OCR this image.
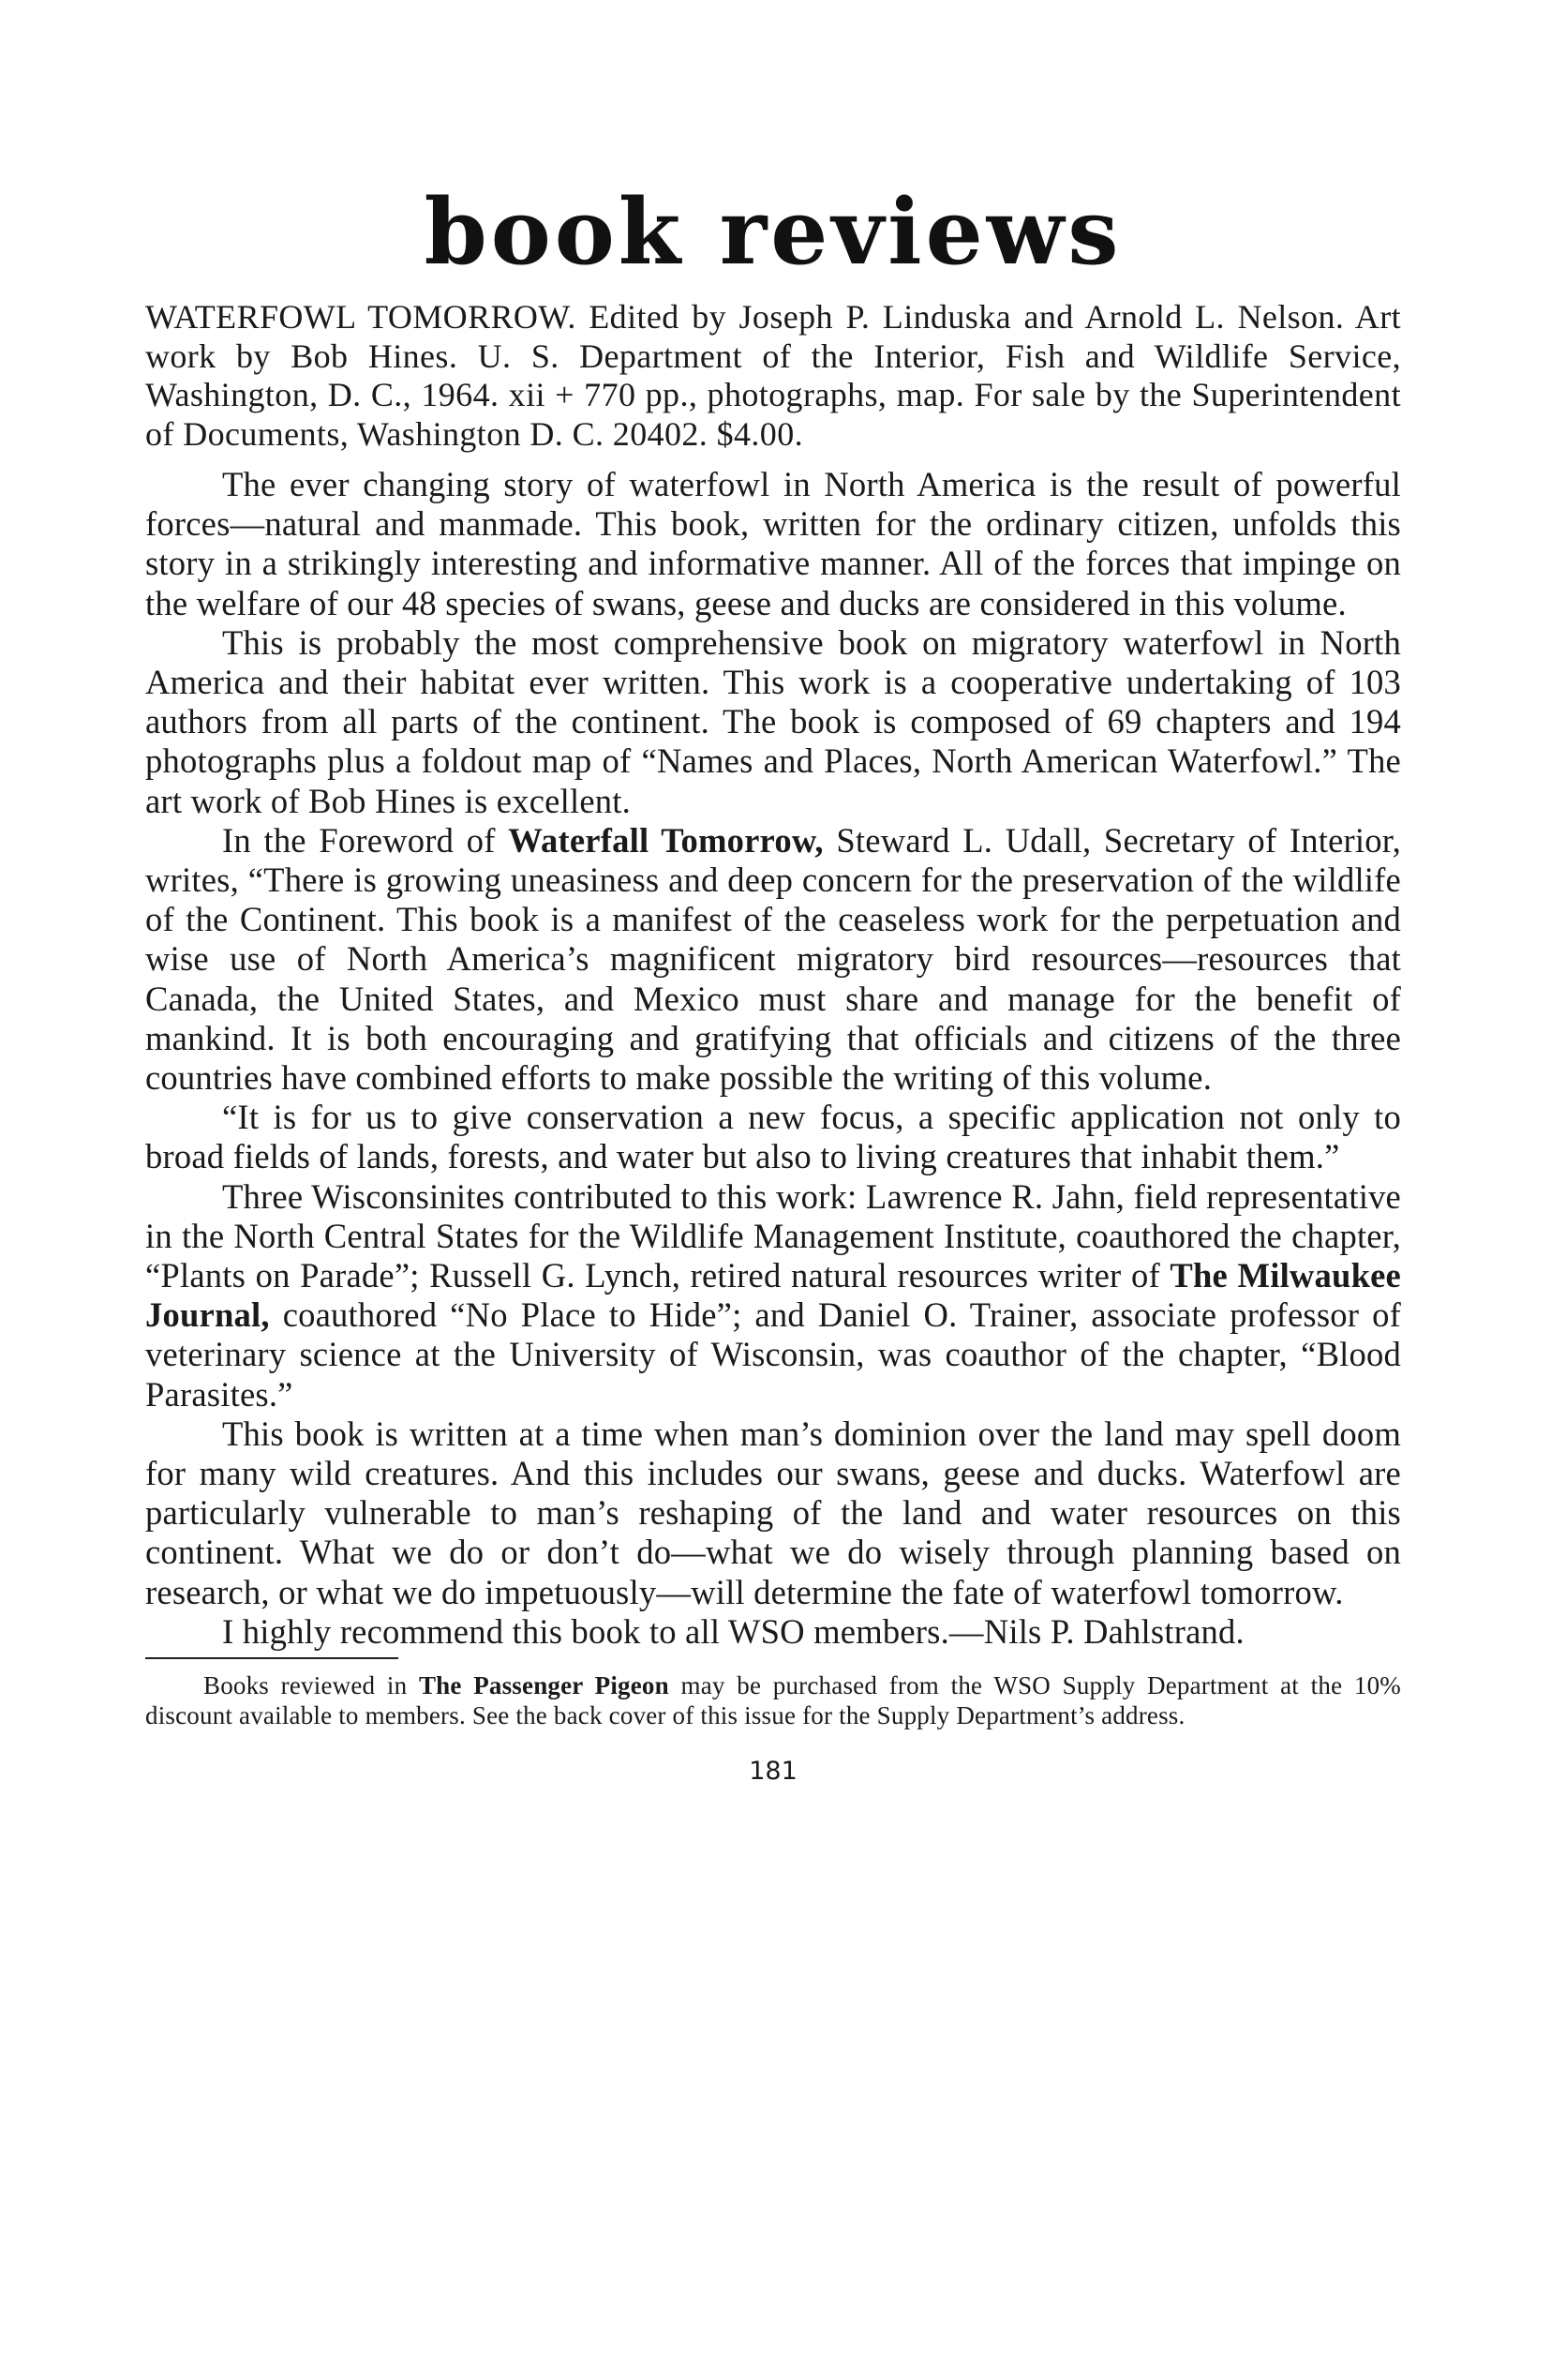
book reviews

WATERFOWL TOMORROW. Edited by Joseph P. Linduska and Arnold L. Nelson. Art work by Bob Hines. U. S. Department of the Interior, Fish and Wildlife Service, Washington, D. C., 1964. xii + 770 pp., photographs, map. For sale by the Superintendent of Documents, Washington D. C. 20402. $4.00.

The ever changing story of waterfowl in North America is the result of powerful forces—natural and manmade. This book, written for the ordinary citizen, unfolds this story in a strikingly interesting and informative manner. All of the forces that impinge on the welfare of our 48 species of swans, geese and ducks are considered in this volume.

This is probably the most comprehensive book on migratory waterfowl in North America and their habitat ever written. This work is a cooperative undertaking of 103 authors from all parts of the continent. The book is composed of 69 chapters and 194 photographs plus a foldout map of “Names and Places, North American Waterfowl.” The art work of Bob Hines is excellent.

In the Foreword of Waterfall Tomorrow, Steward L. Udall, Secretary of Interior, writes, “There is growing uneasiness and deep concern for the preservation of the wildlife of the Continent. This book is a manifest of the ceaseless work for the perpetuation and wise use of North America’s magnificent migratory bird resources—resources that Canada, the United States, and Mexico must share and manage for the benefit of mankind. It is both encouraging and gratifying that officials and citizens of the three countries have combined efforts to make possible the writing of this volume.

“It is for us to give conservation a new focus, a specific application not only to broad fields of lands, forests, and water but also to living creatures that inhabit them.”

Three Wisconsinites contributed to this work: Lawrence R. Jahn, field representative in the North Central States for the Wildlife Management Institute, coauthored the chapter, “Plants on Parade”; Russell G. Lynch, retired natural resources writer of The Milwaukee Journal, coauthored “No Place to Hide”; and Daniel O. Trainer, associate professor of veterinary science at the University of Wisconsin, was coauthor of the chapter, “Blood Parasites.”

This book is written at a time when man’s dominion over the land may spell doom for many wild creatures. And this includes our swans, geese and ducks. Waterfowl are particularly vulnerable to man’s reshaping of the land and water resources on this continent. What we do or don’t do—what we do wisely through planning based on research, or what we do impetuously—will determine the fate of waterfowl tomorrow.

I highly recommend this book to all WSO members.—Nils P. Dahlstrand.

Books reviewed in The Passenger Pigeon may be purchased from the WSO Supply Department at the 10% discount available to members. See the back cover of this issue for the Supply Department’s address.

181
